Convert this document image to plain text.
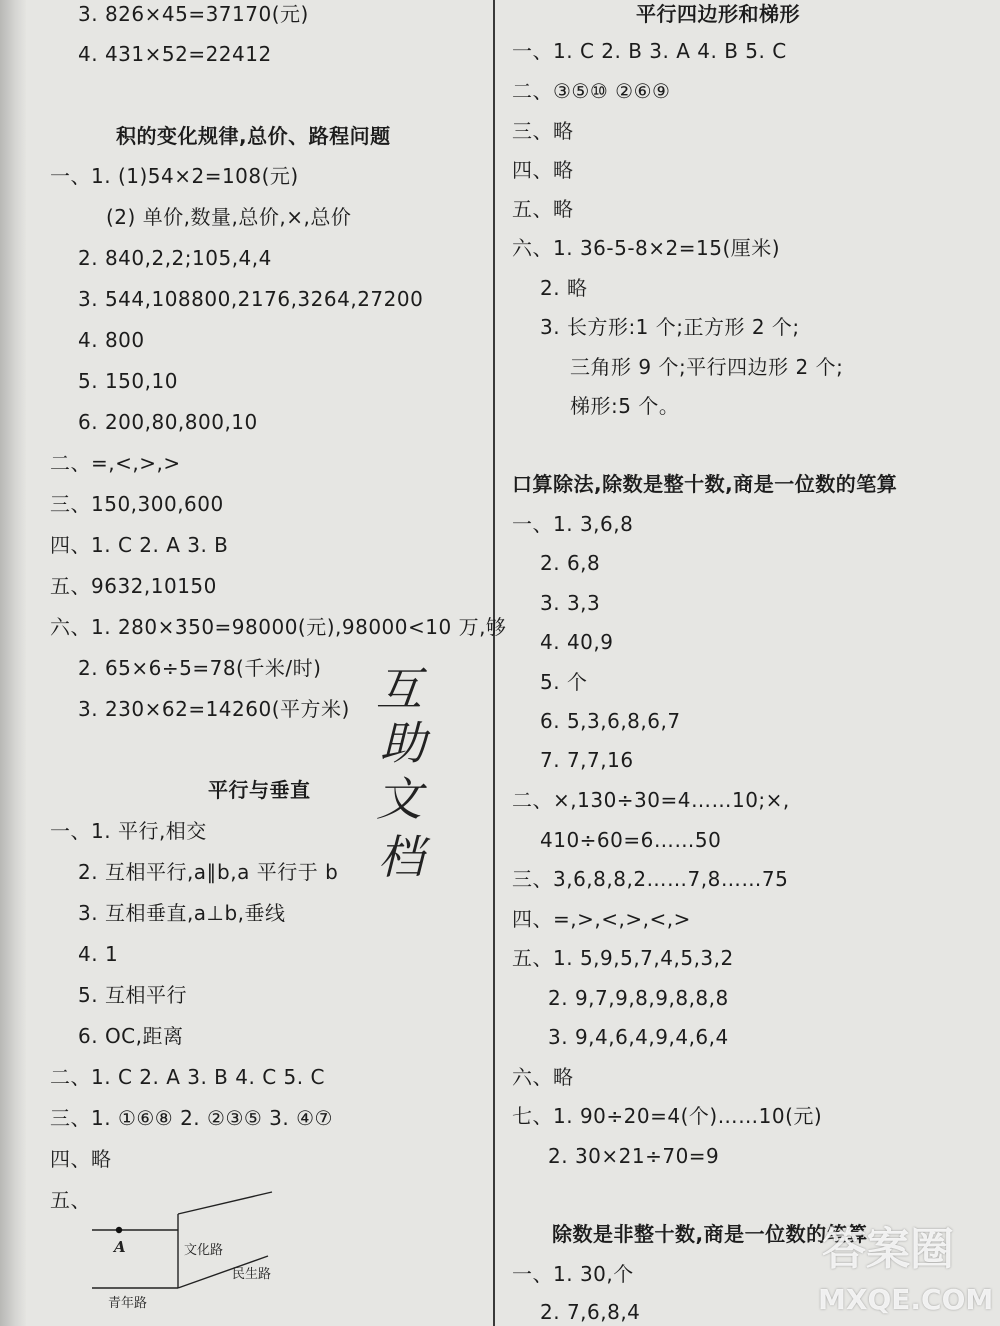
3. 826×45=37170(元)
4. 431×52=22412
积的变化规律,总价、路程问题
一、1. (1)54×2=108(元)
(2) 单价,数量,总价,×,总价
2. 840,2,2;105,4,4
3. 544,108800,2176,3264,27200
4. 800
5. 150,10
6. 200,80,800,10
二、=,<,>,>
三、150,300,600
四、1. C 2. A 3. B
五、9632,10150
六、1. 280×350=98000(元),98000<10 万,够
2. 65×6÷5=78(千米/时)
3. 230×62=14260(平方米)
平行与垂直
一、1. 平行,相交
2. 互相平行,a∥b,a 平行于 b
3. 互相垂直,a⊥b,垂线
4. 1
5. 互相平行
6. OC,距离
二、1. C 2. A 3. B 4. C 5. C
三、1. ①⑥⑧ 2. ②③⑤ 3. ④⑦
四、略
五、
互
助
文
档
A	文化路
民生路
青年路
平行四边形和梯形
一、1. C 2. B 3. A 4. B 5. C
二、③⑤⑩ ②⑥⑨
三、略
四、略
五、略
六、1. 36-5-8×2=15(厘米)
2. 略
3. 长方形:1 个;正方形 2 个;
三角形 9 个;平行四边形 2 个;
梯形:5 个。
口算除法,除数是整十数,商是一位数的笔算
一、1. 3,6,8
2. 6,8
3. 3,3
4. 40,9
5. 个
6. 5,3,6,8,6,7
7. 7,7,16
二、×,130÷30=4……10;×,
410÷60=6……50
三、3,6,8,8,2……7,8……75
四、=,>,<,>,<,>
五、1. 5,9,5,7,4,5,3,2
2. 9,7,9,8,9,8,8,8
3. 9,4,6,4,9,4,6,4
六、略
七、1. 90÷20=4(个)……10(元)
2. 30×21÷70=9
除数是非整十数,商是一位数的笔算
一、1. 30,个
2. 7,6,8,4
答案圈
MXQE.COM
